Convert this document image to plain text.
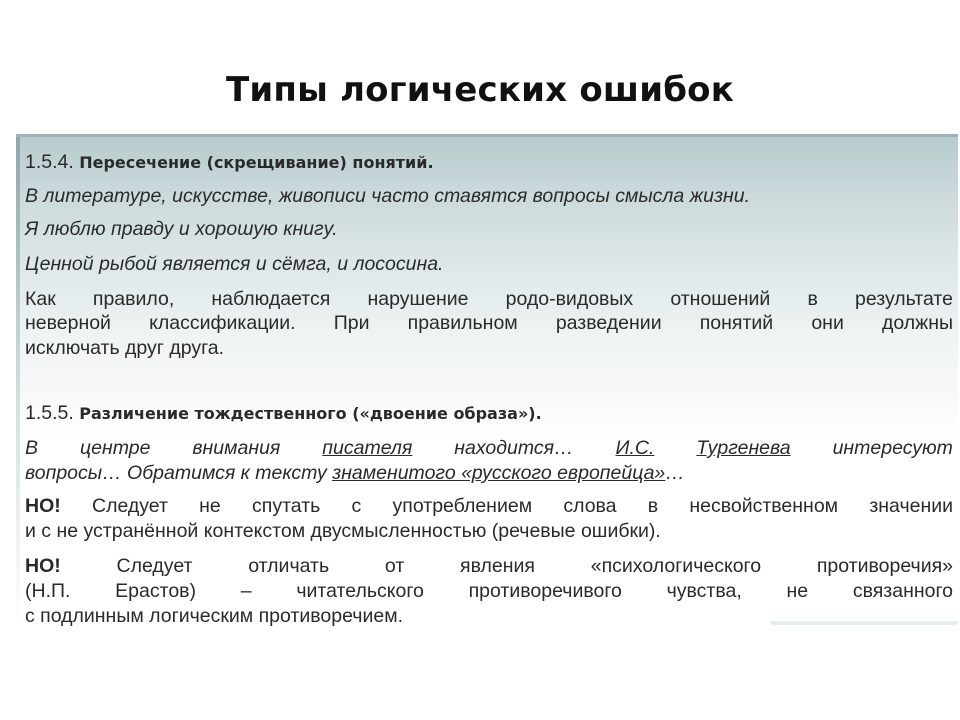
Типы логических ошибок
1.5.4. Пересечение (скрещивание) понятий.
В литературе, искусстве, живописи часто ставятся вопросы смысла жизни.
Я люблю правду и хорошую книгу.
Ценной рыбой является и сёмга, и лососина.
Как правило, наблюдается нарушение родо-видовых отношений в результате
неверной классификации. При правильном разведении понятий они должны
исключать друг друга.
1.5.5. Различение тождественного («двоение образа»).
В центре внимания писателя находится… И.С. Тургенева интересуют
вопросы… Обратимся к тексту знаменитого «русского европейца»…
НО! Следует не спутать с употреблением слова в несвойственном значении
и с не устранённой контекстом двусмысленностью (речевые ошибки).
НО!	Следует отличать от явления «психологического противоречия»
(Н.П. Ерастов) – читательского противоречивого чувства, не связанного
с подлинным логическим противоречием.
